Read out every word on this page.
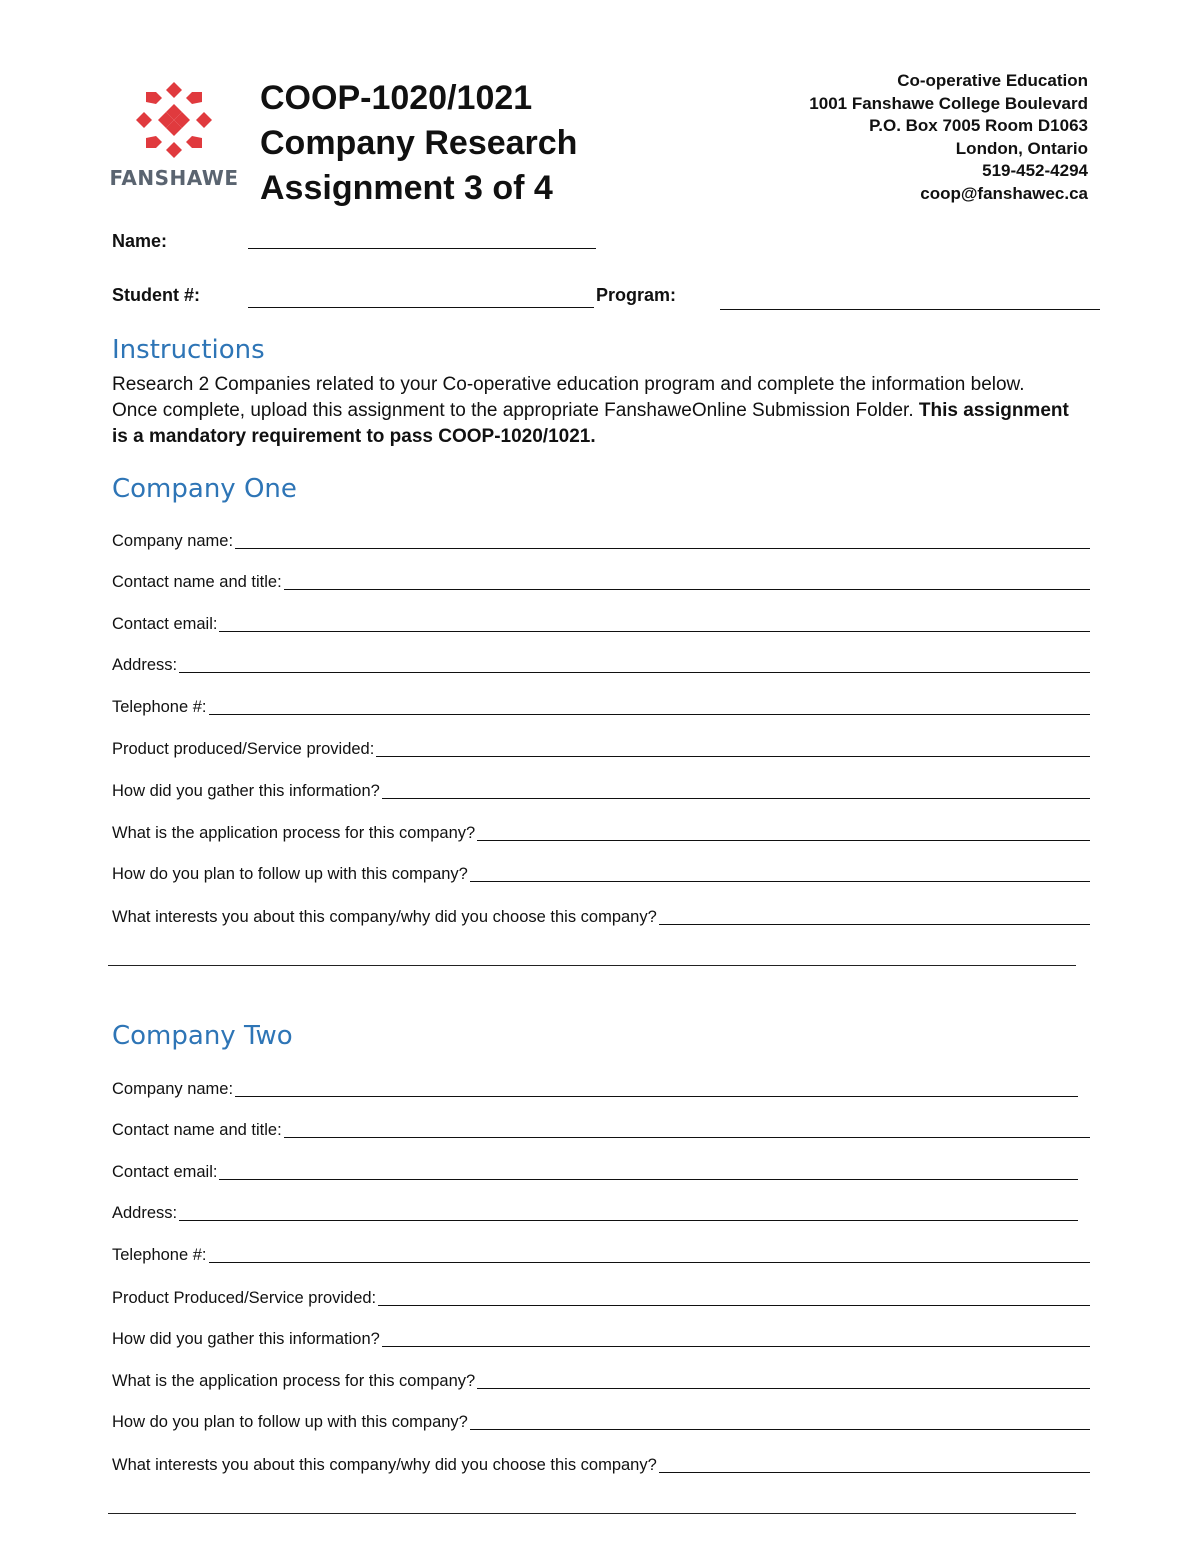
FANSHAWE
COOP-1020/1021
Company Research
Assignment 3 of 4
Co-operative Education
1001 Fanshawe College Boulevard
P.O. Box 7005 Room D1063
London, Ontario
519-452-4294
coop@fanshawec.ca
Name:
Student #:	Program:
Instructions
Research 2 Companies related to your Co-operative education program and complete the information below. Once complete, upload this assignment to the appropriate FanshaweOnline Submission Folder. This assignment is a mandatory requirement to pass COOP-1020/1021.
Company One
Company name:
Contact name and title:
Contact email:
Address:
Telephone #:
Product produced/Service provided:
How did you gather this information?
What is the application process for this company?
How do you plan to follow up with this company?
What interests you about this company/why did you choose this company?
Company Two
Company name:
Contact name and title:
Contact email:
Address:
Telephone #:
Product Produced/Service provided:
How did you gather this information?
What is the application process for this company?
How do you plan to follow up with this company?
What interests you about this company/why did you choose this company?
